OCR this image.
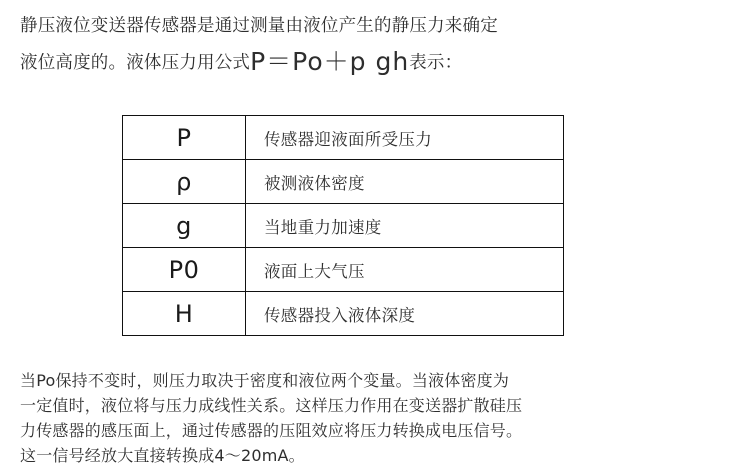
静压液位变送器传感器是通过测量由液位产生的静压力来确定
液位高度的。液体压力用公式P＝Po＋p gh表示：
P	传感器迎液面所受压力
ρ	被测液体密度
g	当地重力加速度
P0	液面上大气压
H	传感器投入液体深度
当Po保持不变时，则压力取决于密度和液位两个变量。当液体密度为
一定值时，液位将与压力成线性关系。这样压力作用在变送器扩散硅压
力传感器的感压面上，通过传感器的压阻效应将压力转换成电压信号。
这一信号经放大直接转换成4～20mA。
